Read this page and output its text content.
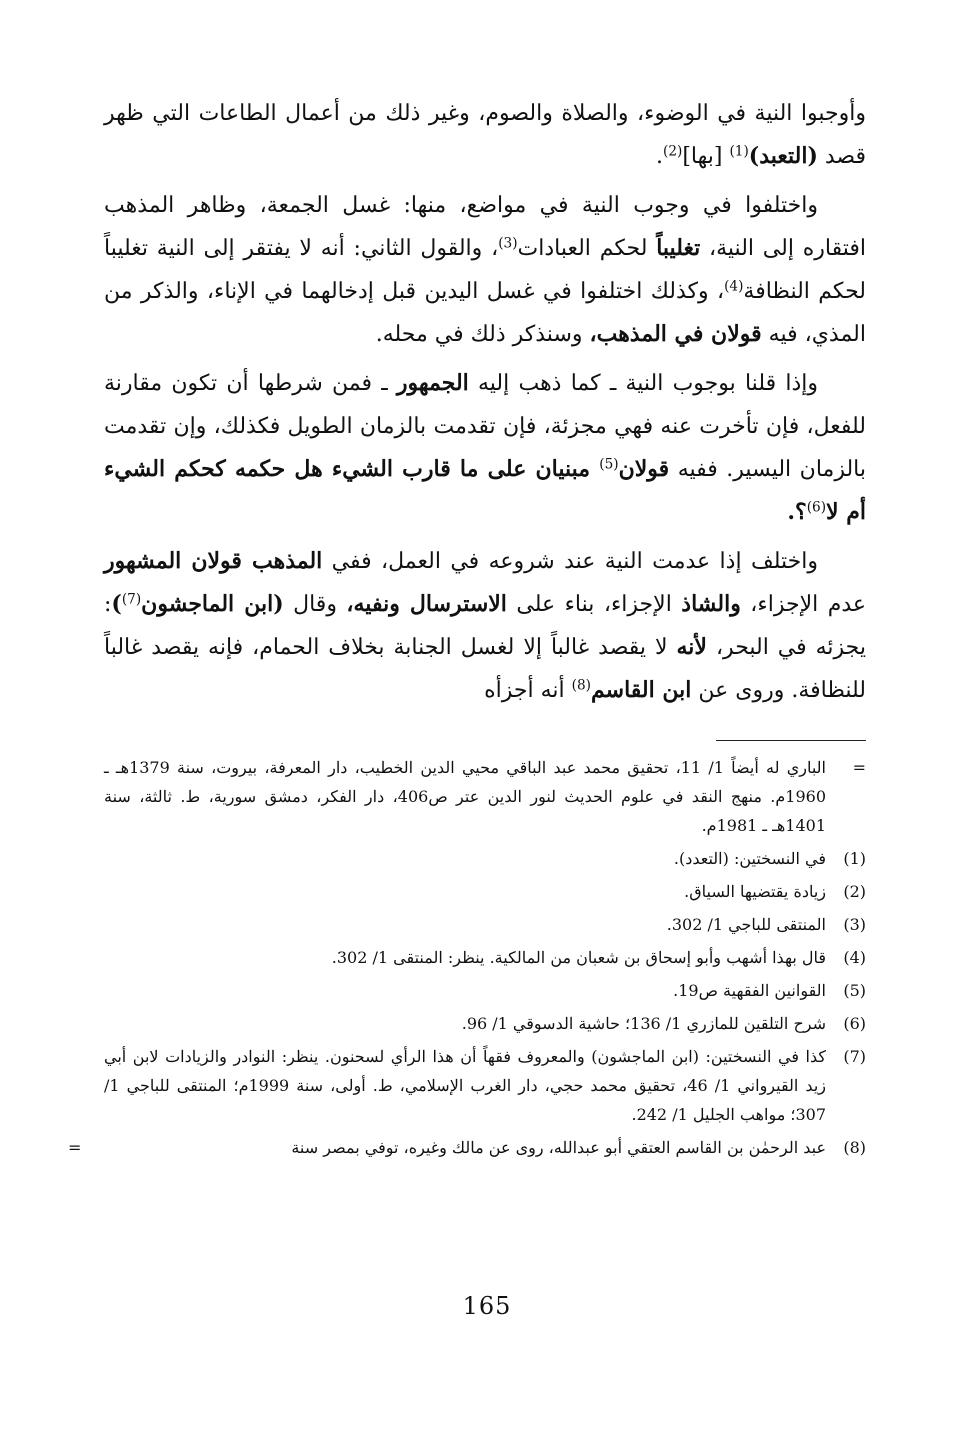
وأوجبوا النية في الوضوء، والصلاة والصوم، وغير ذلك من أعمال الطاعات التي ظهر قصد (التعبد)$^{(1)}$ [بها]$^{(2)}$.

واختلفوا في وجوب النية في مواضع، منها: غسل الجمعة، وظاهر المذهب افتقاره إلى النية، تغليباً لحكم العبادات$^{(3)}$، والقول الثاني: أنه لا يفتقر إلى النية تغليباً لحكم النظافة$^{(4)}$، وكذلك اختلفوا في غسل اليدين قبل إدخالهما في الإناء، والذكر من المذي، فيه قولان في المذهب، وسنذكر ذلك في محله.

وإذا قلنا بوجوب النية ـ كما ذهب إليه الجمهور ـ فمن شرطها أن تكون مقارنة للفعل، فإن تأخرت عنه فهي مجزئة، فإن تقدمت بالزمان الطويل فكذلك، وإن تقدمت بالزمان اليسير. ففيه قولان$^{(5)}$ مبنيان على ما قارب الشيء هل حكمه كحكم الشيء أم لا$^{(6)}$؟.

واختلف إذا عدمت النية عند شروعه في العمل، ففي المذهب قولان المشهور عدم الإجزاء، والشاذ الإجزاء، بناء على الاسترسال ونفيه، وقال (ابن الماجشون$^{(7)}$): يجزئه في البحر، لأنه لا يقصد غالباً إلا لغسل الجنابة بخلاف الحمام، فإنه يقصد غالباً للنظافة. وروى عن ابن القاسم$^{(8)}$ أنه أجزأه

=
الباري له أيضاً 1/ 11، تحقيق محمد عبد الباقي محيي الدين الخطيب، دار المعرفة، بيروت، سنة 1379هـ ـ 1960م. منهج النقد في علوم الحديث لنور الدين عتر ص406، دار الفكر، دمشق سورية، ط. ثالثة، سنة 1401هـ ـ 1981م.
(1)
في النسختين: (التعدد).
(2)
زيادة يقتضيها السياق.
(3)
المنتقى للباجي 1/ 302.
(4)
قال بهذا أشهب وأبو إسحاق بن شعبان من المالكية. ينظر: المنتقى 1/ 302.
(5)
القوانين الفقهية ص19.
(6)
شرح التلقين للمازري 1/ 136؛ حاشية الدسوقي 1/ 96.
(7)
كذا في النسختين: (ابن الماجشون) والمعروف فقهاً أن هذا الرأي لسحنون. ينظر: النوادر والزيادات لابن أبي زيد القيرواني 1/ 46، تحقيق محمد حجي، دار الغرب الإسلامي، ط. أولى، سنة 1999م؛ المنتقى للباجي 1/ 307؛ مواهب الجليل 1/ 242.
(8)
عبد الرحمٰن بن القاسم العتقي أبو عبدالله، روى عن مالك وغيره، توفي بمصر سنة
=
165
